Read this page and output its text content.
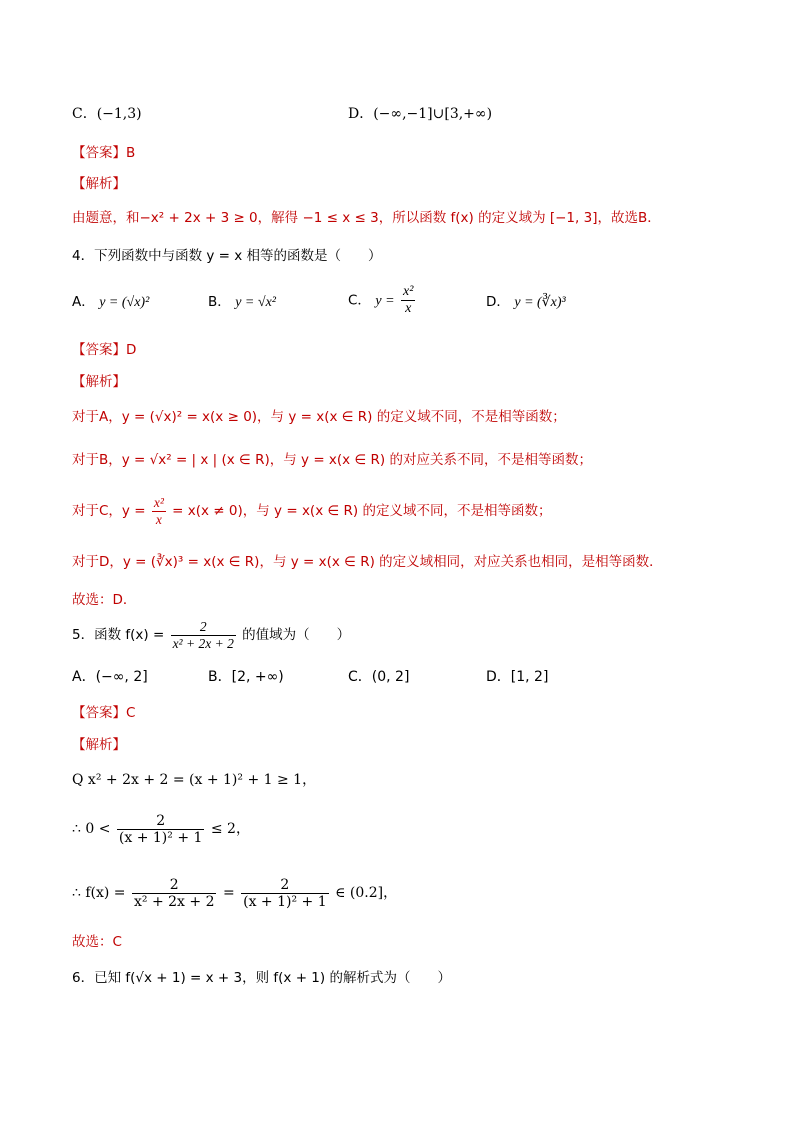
C．(−1,3)	D．(−∞,−1]∪[3,+∞)
【答案】B
【解析】
由题意，和−x² + 2x + 3 ≥ 0，解得 −1 ≤ x ≤ 3，所以函数 f(x) 的定义域为 [−1, 3]，故选B．
4．下列函数中与函数 y = x 相等的函数是（　　）
A． y = (√x)²	B． y = √x²	C． $y = \frac{\text{x²}}{x}$	D． y = (∛x)³
【答案】D
【解析】
对于A，y = (√x)² = x(x ≥ 0)，与 y = x(x ∈ R) 的定义域不同，不是相等函数；
对于B，y = √x² = | x | (x ∈ R)，与 y = x(x ∈ R) 的对应关系不同，不是相等函数；
对于C，$y = \frac{\text{x²}}{x} = x(x \ne 0)$，与 y = x(x ∈ R) 的定义域不同，不是相等函数；
对于D，y = (∛x)³ = x(x ∈ R)，与 y = x(x ∈ R) 的定义域相同，对应关系也相同，是相等函数．
故选：D．
5．函数 $f(x) = \frac{2}{\text{x² + 2x + 2}}$ 的值域为（　　）
A．(−∞, 2]	B．[2, +∞)	C．(0, 2]	D．[1, 2]
【答案】C
【解析】
Q x² + 2x + 2 = (x + 1)² + 1 ≥ 1，
∴ $0 < \frac{2}{\text{(x + 1)² + 1}} \le 2$，
∴ $f(x) = \frac{2}{\text{x² + 2x + 2}} = \frac{2}{\text{(x + 1)² + 1}}$ ∈ (0.2]，
故选：C
6．已知 f(√x + 1) = x + 3，则 f(x + 1) 的解析式为（　　）
